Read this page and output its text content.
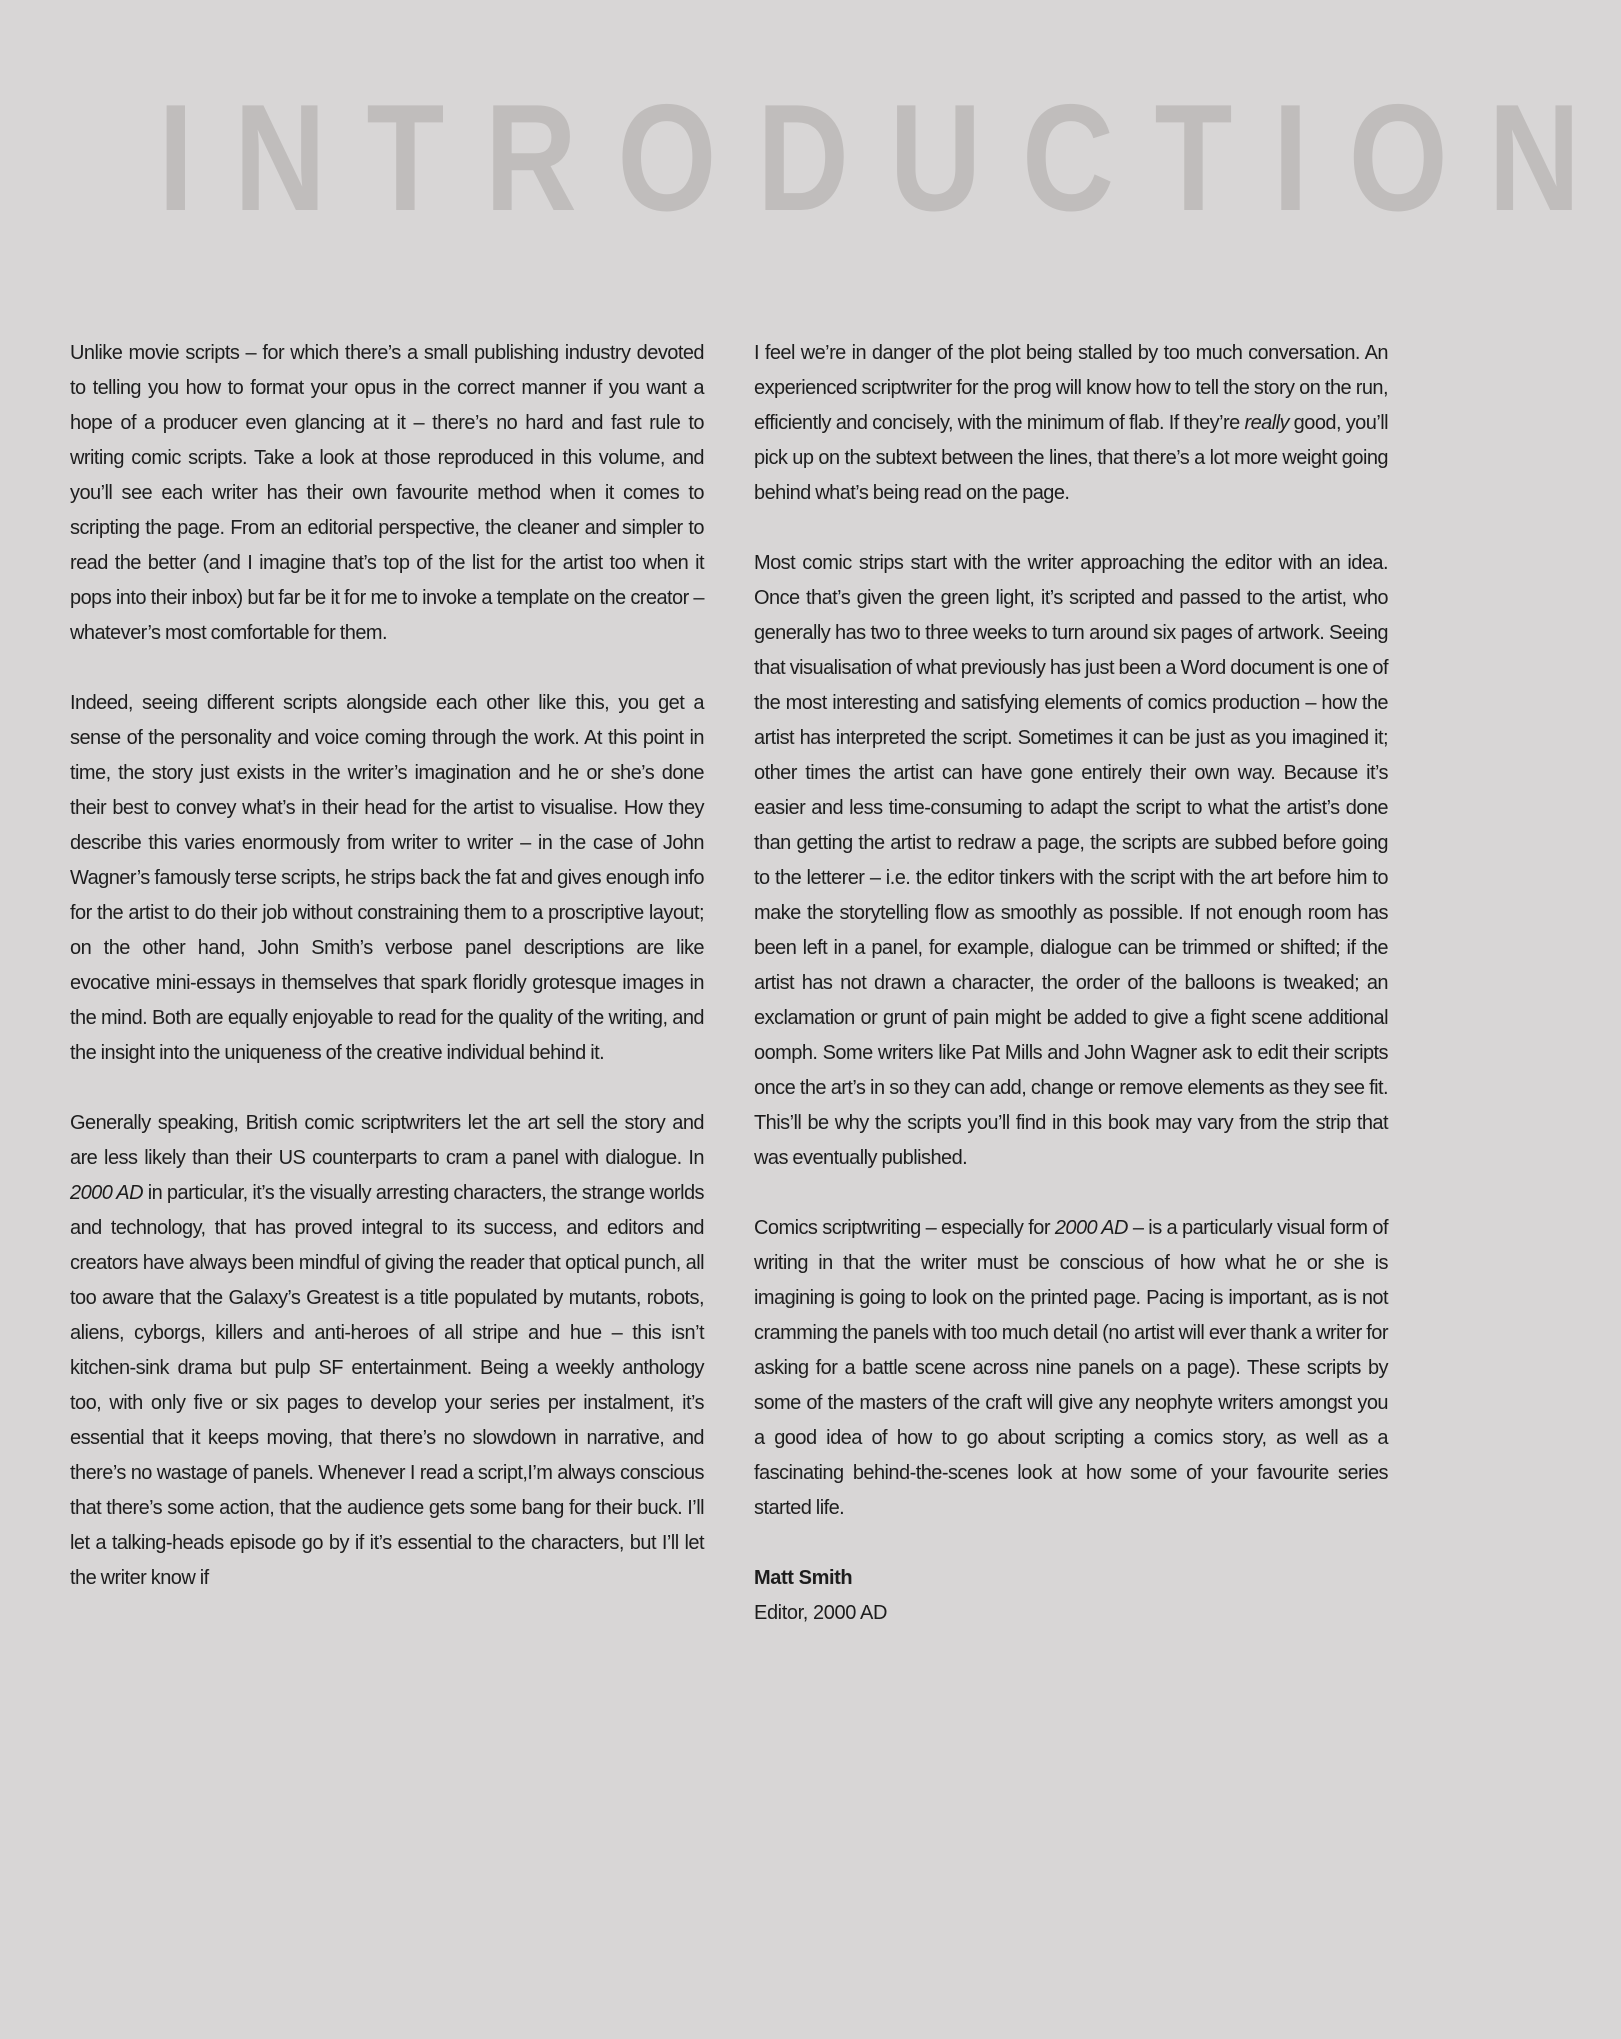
INTRODUCTION

Unlike movie scripts – for which there’s a small publishing industry devoted to telling you how to format your opus in the correct manner if you want a hope of a producer even glancing at it – there’s no hard and fast rule to writing comic scripts. Take a look at those reproduced in this volume, and you’ll see each writer has their own favourite method when it comes to scripting the page. From an editorial perspective, the cleaner and simpler to read the better (and I imagine that’s top of the list for the artist too when it pops into their inbox) but far be it for me to invoke a template on the creator – whatever’s most comfortable for them.

Indeed, seeing different scripts alongside each other like this, you get a sense of the personality and voice coming through the work. At this point in time, the story just exists in the writer’s imagination and he or she’s done their best to convey what’s in their head for the artist to visualise. How they describe this varies enormously from writer to writer – in the case of John Wagner’s famously terse scripts, he strips back the fat and gives enough info for the artist to do their job without constraining them to a proscriptive layout; on the other hand, John Smith’s verbose panel descriptions are like evocative mini-essays in themselves that spark floridly grotesque images in the mind. Both are equally enjoyable to read for the quality of the writing, and the insight into the uniqueness of the creative individual behind it.

Generally speaking, British comic scriptwriters let the art sell the story and are less likely than their US counterparts to cram a panel with dialogue. In 2000 AD in particular, it’s the visually arresting characters, the strange worlds and technology, that has proved integral to its success, and editors and creators have always been mindful of giving the reader that optical punch, all too aware that the Galaxy’s Greatest is a title populated by mutants, robots, aliens, cyborgs, killers and anti-heroes of all stripe and hue – this isn’t kitchen-sink drama but pulp SF entertainment. Being a weekly anthology too, with only five or six pages to develop your series per instalment, it’s essential that it keeps moving, that there’s no slowdown in narrative, and there’s no wastage of panels. Whenever I read a script,I’m always conscious that there’s some action, that the audience gets some bang for their buck. I’ll let a talking-heads episode go by if it’s essential to the characters, but I’ll let the writer know if

I feel we’re in danger of the plot being stalled by too much conversation. An experienced scriptwriter for the prog will know how to tell the story on the run, efficiently and concisely, with the minimum of flab. If they’re really good, you’ll pick up on the subtext between the lines, that there’s a lot more weight going behind what’s being read on the page.

Most comic strips start with the writer approaching the editor with an idea. Once that’s given the green light, it’s scripted and passed to the artist, who generally has two to three weeks to turn around six pages of artwork. Seeing that visualisation of what previously has just been a Word document is one of the most interesting and satisfying elements of comics production – how the artist has interpreted the script. Sometimes it can be just as you imagined it; other times the artist can have gone entirely their own way. Because it’s easier and less time-consuming to adapt the script to what the artist’s done than getting the artist to redraw a page, the scripts are subbed before going to the letterer – i.e. the editor tinkers with the script with the art before him to make the storytelling flow as smoothly as possible. If not enough room has been left in a panel, for example, dialogue can be trimmed or shifted; if the artist has not drawn a character, the order of the balloons is tweaked; an exclamation or grunt of pain might be added to give a fight scene additional oomph. Some writers like Pat Mills and John Wagner ask to edit their scripts once the art’s in so they can add, change or remove elements as they see fit. This’ll be why the scripts you’ll find in this book may vary from the strip that was eventually published.

Comics scriptwriting – especially for 2000 AD – is a particularly visual form of writing in that the writer must be conscious of how what he or she is imagining is going to look on the printed page. Pacing is important, as is not cramming the panels with too much detail (no artist will ever thank a writer for asking for a battle scene across nine panels on a page). These scripts by some of the masters of the craft will give any neophyte writers amongst you a good idea of how to go about scripting a comics story, as well as a fascinating behind-the-scenes look at how some of your favourite series started life.

Matt Smith

Editor, 2000 AD
